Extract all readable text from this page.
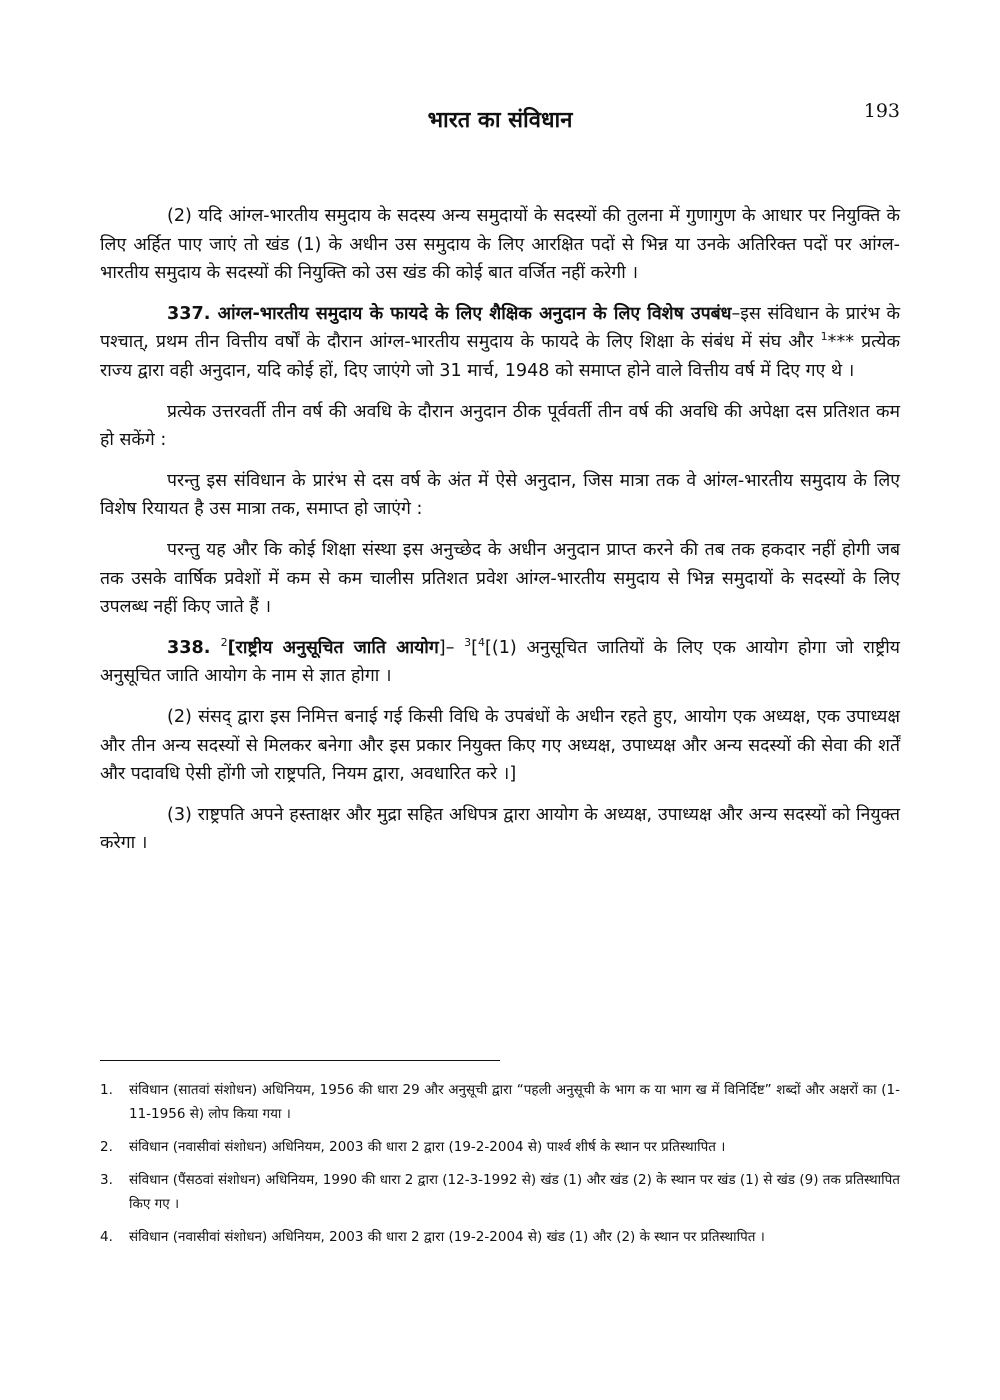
भारत का संविधान	193

(2) यदि आंग्ल-भारतीय समुदाय के सदस्य अन्य समुदायों के सदस्यों की तुलना में गुणागुण के आधार पर नियुक्ति के लिए अर्हित पाए जाएं तो खंड (1) के अधीन उस समुदाय के लिए आरक्षित पदों से भिन्न या उनके अतिरिक्त पदों पर आंग्ल-भारतीय समुदाय के सदस्यों की नियुक्ति को उस खंड की कोई बात वर्जित नहीं करेगी ।

337. आंग्ल-भारतीय समुदाय के फायदे के लिए शैक्षिक अनुदान के लिए विशेष उपबंध–इस संविधान के प्रारंभ के पश्चात्, प्रथम तीन वित्तीय वर्षों के दौरान आंग्ल-भारतीय समुदाय के फायदे के लिए शिक्षा के संबंध में संघ और $^1$*** प्रत्येक राज्य द्वारा वही अनुदान, यदि कोई हों, दिए जाएंगे जो 31 मार्च, 1948 को समाप्त होने वाले वित्तीय वर्ष में दिए गए थे ।

प्रत्येक उत्तरवर्ती तीन वर्ष की अवधि के दौरान अनुदान ठीक पूर्ववर्ती तीन वर्ष की अवधि की अपेक्षा दस प्रतिशत कम हो सकेंगे :

परन्तु इस संविधान के प्रारंभ से दस वर्ष के अंत में ऐसे अनुदान, जिस मात्रा तक वे आंग्ल-भारतीय समुदाय के लिए विशेष रियायत है उस मात्रा तक, समाप्त हो जाएंगे :

परन्तु यह और कि कोई शिक्षा संस्था इस अनुच्छेद के अधीन अनुदान प्राप्त करने की तब तक हकदार नहीं होगी जब तक उसके वार्षिक प्रवेशों में कम से कम चालीस प्रतिशत प्रवेश आंग्ल-भारतीय समुदाय से भिन्न समुदायों के सदस्यों के लिए उपलब्ध नहीं किए जाते हैं ।

338. $^2$[राष्ट्रीय अनुसूचित जाति आयोग]– $^3$[$^4$[(1) अनुसूचित जातियों के लिए एक आयोग होगा जो राष्ट्रीय अनुसूचित जाति आयोग के नाम से ज्ञात होगा ।

(2) संसद् द्वारा इस निमित्त बनाई गई किसी विधि के उपबंधों के अधीन रहते हुए, आयोग एक अध्यक्ष, एक उपाध्यक्ष और तीन अन्य सदस्यों से मिलकर बनेगा और इस प्रकार नियुक्त किए गए अध्यक्ष, उपाध्यक्ष और अन्य सदस्यों की सेवा की शर्तें और पदावधि ऐसी होंगी जो राष्ट्रपति, नियम द्वारा, अवधारित करे ।]

(3) राष्ट्रपति अपने हस्ताक्षर और मुद्रा सहित अधिपत्र द्वारा आयोग के अध्यक्ष, उपाध्यक्ष और अन्य सदस्यों को नियुक्त करेगा ।

1. संविधान (सातवां संशोधन) अधिनियम, 1956 की धारा 29 और अनुसूची द्वारा “पहली अनुसूची के भाग क या भाग ख में विनिर्दिष्ट” शब्दों और अक्षरों का (1-11-1956 से) लोप किया गया ।
2. संविधान (नवासीवां संशोधन) अधिनियम, 2003 की धारा 2 द्वारा (19-2-2004 से) पार्श्व शीर्ष के स्थान पर प्रतिस्थापित ।
3. संविधान (पैंसठवां संशोधन) अधिनियम, 1990 की धारा 2 द्वारा (12-3-1992 से) खंड (1) और खंड (2) के स्थान पर खंड (1) से खंड (9) तक प्रतिस्थापित किए गए ।
4. संविधान (नवासीवां संशोधन) अधिनियम, 2003 की धारा 2 द्वारा (19-2-2004 से) खंड (1) और (2) के स्थान पर प्रतिस्थापित ।
